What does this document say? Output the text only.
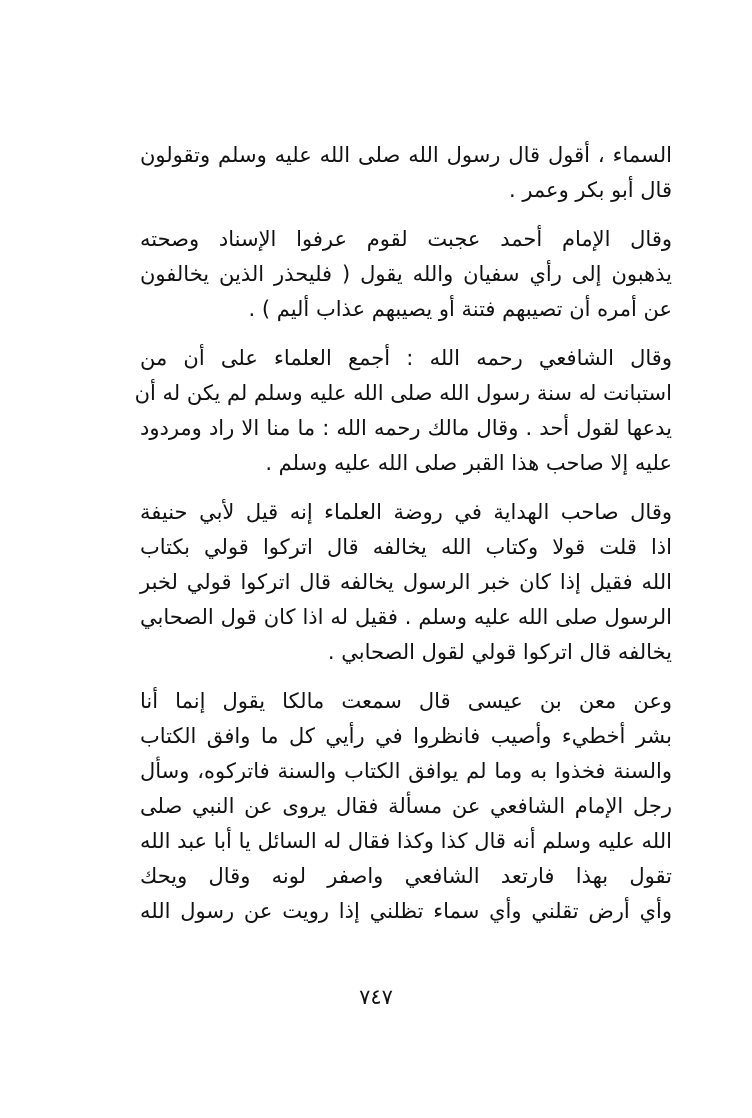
السماء ، أقول قال رسول الله صلى الله عليه وسلم وتقولون
قال أبو بكر وعمر .

وقال الإمام أحمد عجبت لقوم عرفوا الإسناد وصحته
يذهبون إلى رأي سفيان والله يقول ( فليحذر الذين يخالفون
عن أمره أن تصيبهم فتنة أو يصيبهم عذاب أليم ) .

وقال الشافعي رحمه الله : أجمع العلماء على أن من
استبانت له سنة رسول الله صلى الله عليه وسلم لم يكن له أن
يدعها لقول أحد . وقال مالك رحمه الله : ما منا الا راد ومردود
عليه إلا صاحب هذا القبر صلى الله عليه وسلم .

وقال صاحب الهداية في روضة العلماء إنه قيل لأبي حنيفة
اذا قلت قولا وكتاب الله يخالفه قال اتركوا قولي بكتاب
الله فقيل إذا كان خبر الرسول يخالفه قال اتركوا قولي لخبر
الرسول صلى الله عليه وسلم . فقيل له اذا كان قول الصحابي
يخالفه قال اتركوا قولي لقول الصحابي .

وعن معن بن عيسى قال سمعت مالكا يقول إنما أنا
بشر أخطيء وأصيب فانظروا في رأيي كل ما وافق الكتاب
والسنة فخذوا به وما لم يوافق الكتاب والسنة فاتركوه، وسأل
رجل الإمام الشافعي عن مسألة فقال يروى عن النبي صلى
الله عليه وسلم أنه قال كذا وكذا فقال له السائل يا أبا عبد الله
تقول بهذا فارتعد الشافعي واصفر لونه وقال ويحك
وأي أرض تقلني وأي سماء تظلني إذا رويت عن رسول الله

٧٤٧
